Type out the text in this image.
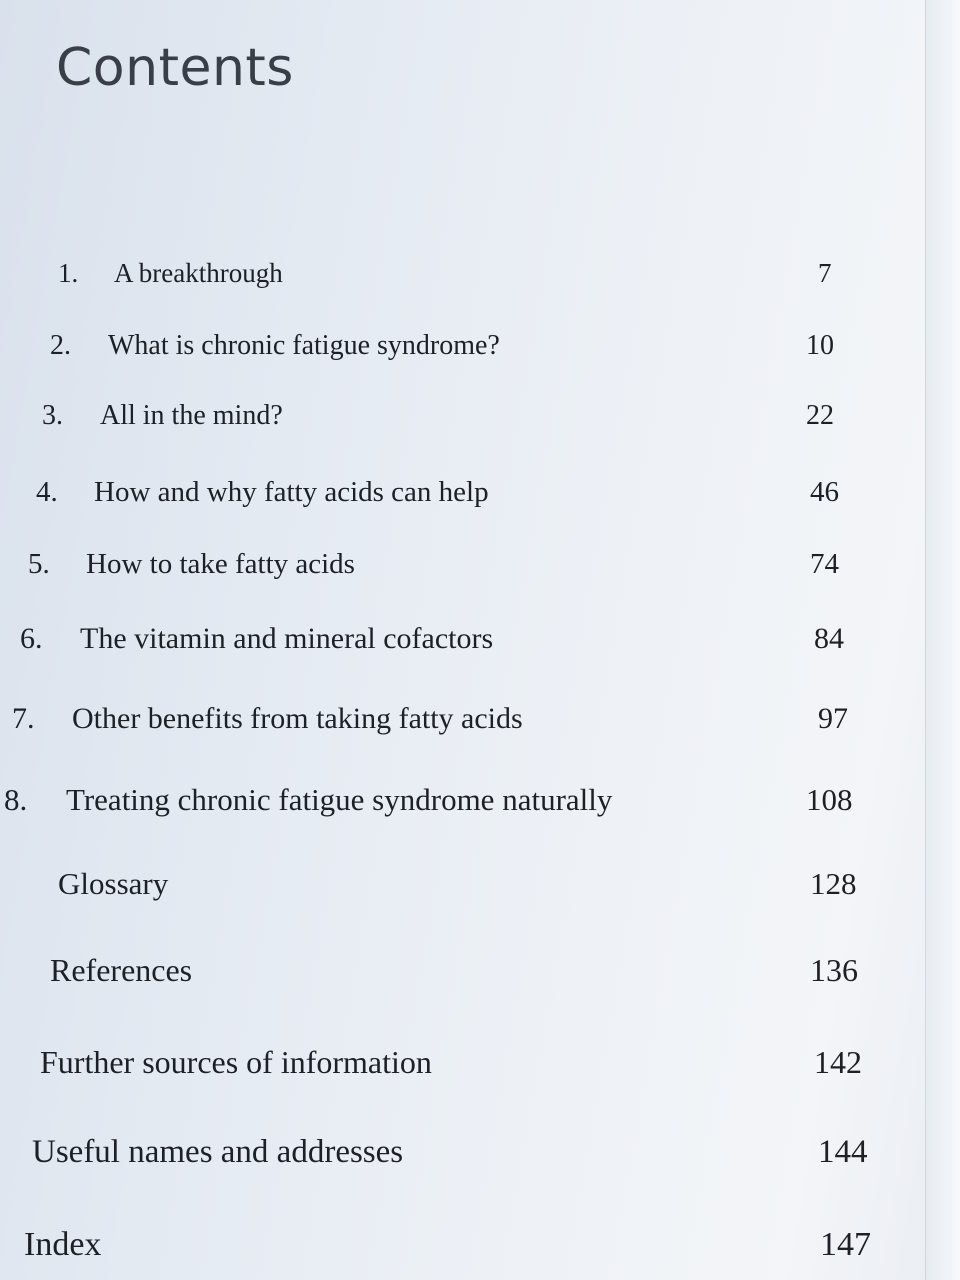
Contents
1. A breakthrough	7
2. What is chronic fatigue syndrome?	10
3. All in the mind?	22
4. How and why fatty acids can help	46
5. How to take fatty acids	74
6. The vitamin and mineral cofactors	84
7. Other benefits from taking fatty acids	97
8. Treating chronic fatigue syndrome naturally	108
Glossary	128
References	136
Further sources of information	142
Useful names and addresses	144
Index	147
